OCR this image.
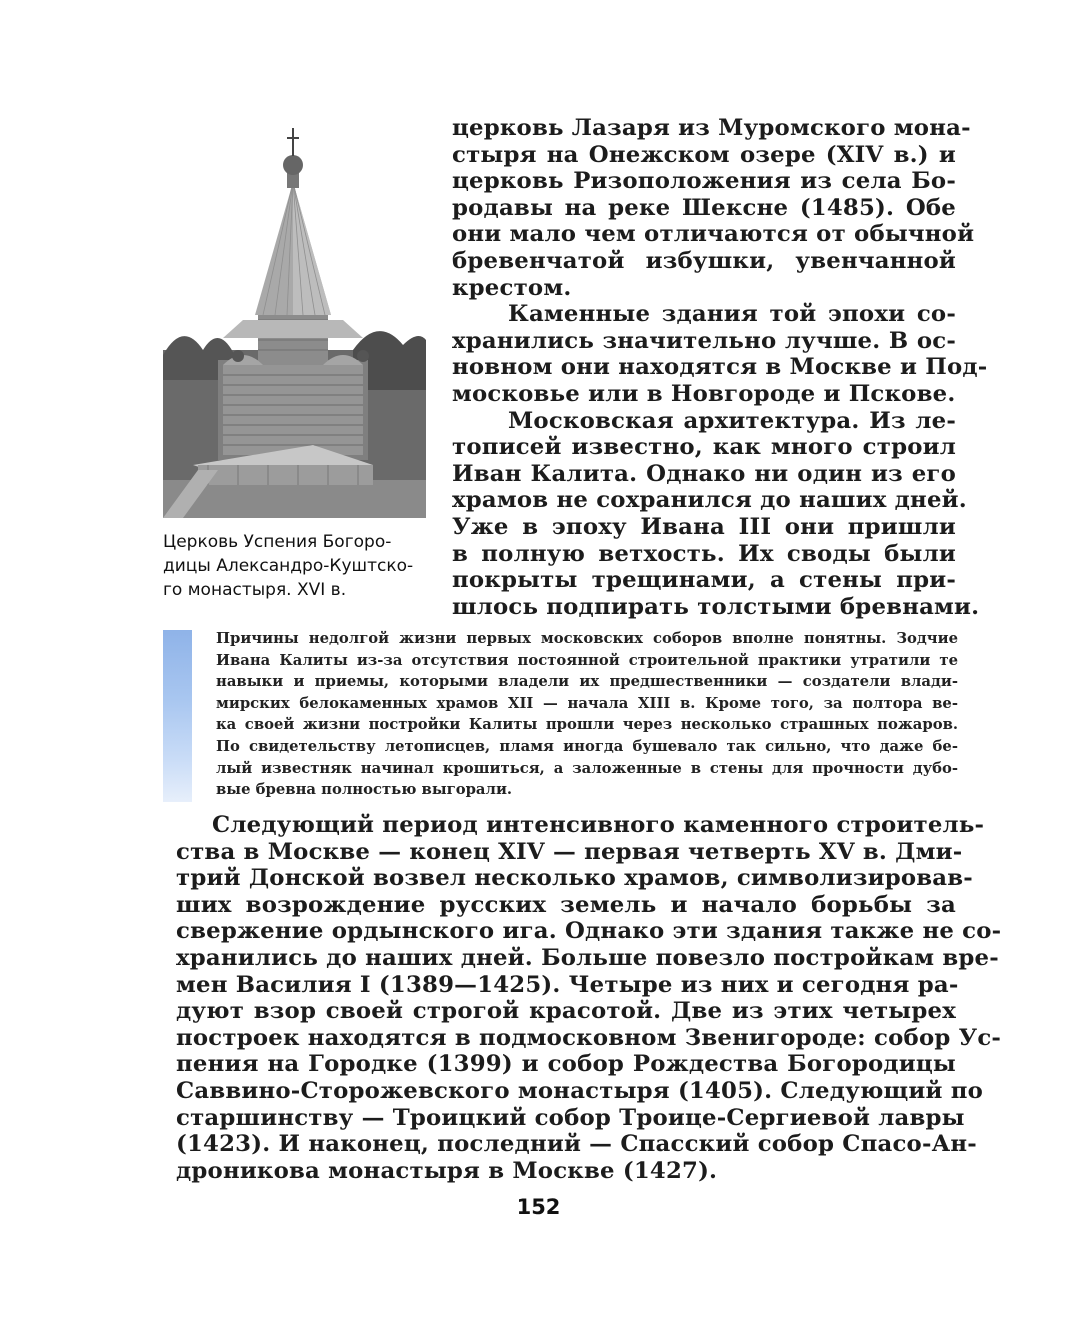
Церковь Успения Богоро-
дицы Александро-Куштско-
го монастыря. XVI в.
церковь Лазаря из Муромского мона-
стыря на Онежском озере (XIV в.) и
церковь Ризоположения из села Бо-
родавы на реке Шексне (1485). Обе
они мало чем отличаются от обычной
бревенчатой избушки, увенчанной
крестом.
Каменные здания той эпохи со-
хранились значительно лучше. В ос-
новном они находятся в Москве и Под-
московье или в Новгороде и Пскове.
Московская архитектура. Из ле-
тописей известно, как много строил
Иван Калита. Однако ни один из его
храмов не сохранился до наших дней.
Уже в эпоху Ивана III они пришли
в полную ветхость. Их своды были
покрыты трещинами, а стены при-
шлось подпирать толстыми бревнами.
Причины недолгой жизни первых московских соборов вполне понятны. Зодчие
Ивана Калиты из-за отсутствия постоянной строительной практики утратили те
навыки и приемы, которыми владели их предшественники — создатели влади-
мирских белокаменных храмов XII — начала XIII в. Кроме того, за полтора ве-
ка своей жизни постройки Калиты прошли через несколько страшных пожаров.
По свидетельству летописцев, пламя иногда бушевало так сильно, что даже бе-
лый известняк начинал крошиться, а заложенные в стены для прочности дубо-
вые бревна полностью выгорали.
Следующий период интенсивного каменного строитель-
ства в Москве — конец XIV — первая четверть XV в. Дми-
трий Донской возвел несколько храмов, символизировав-
ших возрождение русских земель и начало борьбы за
свержение ордынского ига. Однако эти здания также не со-
хранились до наших дней. Больше повезло постройкам вре-
мен Василия I (1389—1425). Четыре из них и сегодня ра-
дуют взор своей строгой красотой. Две из этих четырех
построек находятся в подмосковном Звенигороде: собор Ус-
пения на Городке (1399) и собор Рождества Богородицы
Саввино-Сторожевского монастыря (1405). Следующий по
старшинству — Троицкий собор Троице-Сергиевой лавры
(1423). И наконец, последний — Спасский собор Спасо-Ан-
дроникова монастыря в Москве (1427).
152
